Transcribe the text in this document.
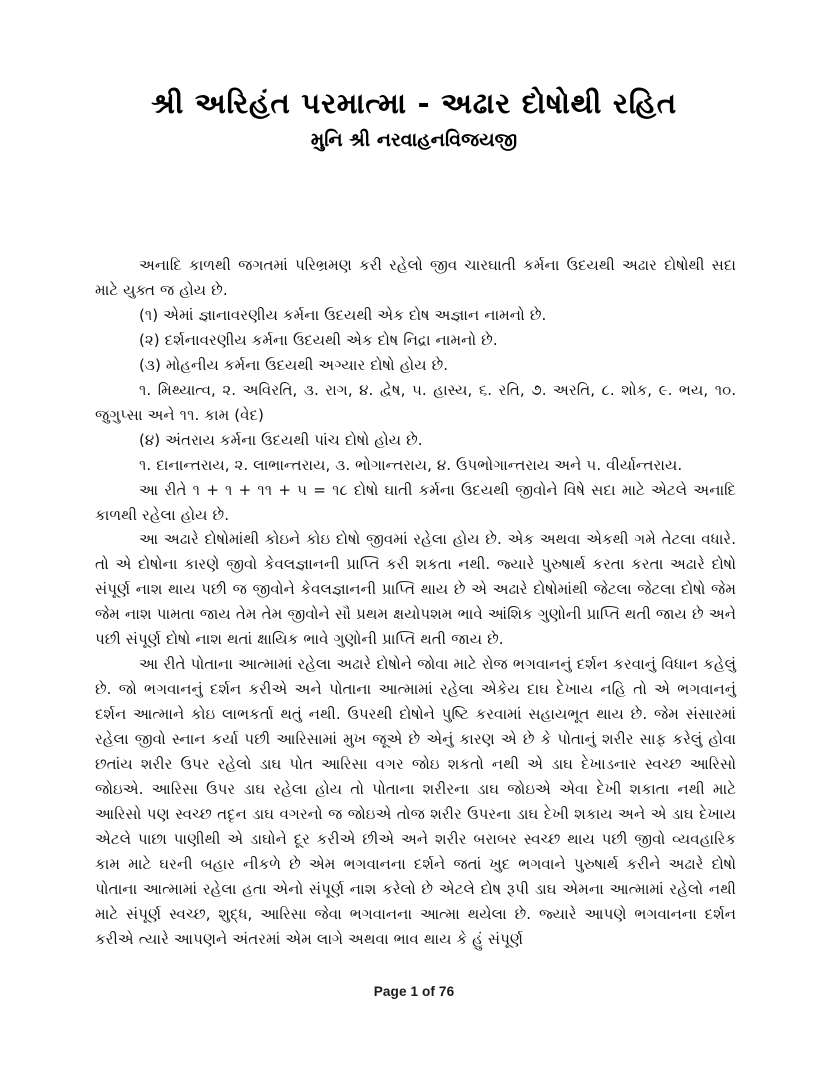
શ્રી અરિહંત પરમાત્મા - અઢાર દોષોથી રહિત
મુનિ શ્રી નરવાહનવિજયજી

અનાદિ કાળથી જગતમાં પરિભ્રમણ કરી રહેલો જીવ ચારઘાતી કર્મના ઉદયથી અઢાર દોષોથી સદા માટે યુક્ત જ હોય છે.

(૧) એમાં જ્ઞાનાવરણીય કર્મના ઉદયથી એક દોષ અજ્ઞાન નામનો છે.

(૨) દર્શનાવરણીય કર્મના ઉદયથી એક દોષ નિદ્રા નામનો છે.

(૩) મોહનીય કર્મના ઉદયથી અગ્યાર દોષો હોય છે.

૧. મિથ્યાત્વ, ૨. અવિરતિ, ૩. રાગ, ૪. દ્વેષ, ૫. હાસ્ય, ૬. રતિ, ૭. અરતિ, ૮. શોક, ૯. ભય, ૧૦. જુગુપ્સા અને ૧૧. કામ (વેદ)

(૪) અંતરાય કર્મના ઉદયથી પાંચ દોષો હોય છે.

૧. દાનાન્તરાય, ૨. લાભાન્તરાય, ૩. ભોગાન્તરાય, ૪. ઉપભોગાન્તરાય અને ૫. વીર્યાન્તરાય.

આ રીતે ૧ + ૧ + ૧૧ + ૫ = ૧૮ દોષો ઘાતી કર્મના ઉદયથી જીવોને વિષે સદા માટે એટલે અનાદિ કાળથી રહેલા હોય છે.

આ અઢારે દોષોમાંથી કોઇને કોઇ દોષો જીવમાં રહેલા હોય છે. એક અથવા એકથી ગમે તેટલા વધારે. તો એ દોષોના કારણે જીવો કેવલજ્ઞાનની પ્રાપ્તિ કરી શકતા નથી. જ્યારે પુરુષાર્થ કરતા કરતા અઢારે દોષો સંપૂર્ણ નાશ થાય પછી જ જીવોને કેવલજ્ઞાનની પ્રાપ્તિ થાય છે એ અઢારે દોષોમાંથી જેટલા જેટલા દોષો જેમ જેમ નાશ પામતા જાય તેમ તેમ જીવોને સૌ પ્રથમ ક્ષયોપશમ ભાવે આંશિક ગુણોની પ્રાપ્તિ થતી જાય છે અને પછી સંપૂર્ણ દોષો નાશ થતાં ક્ષાયિક ભાવે ગુણોની પ્રાપ્તિ થતી જાય છે.

આ રીતે પોતાના આત્મામાં રહેલા અઢારે દોષોને જોવા માટે રોજ ભગવાનનું દર્શન કરવાનું વિધાન કહેલું છે. જો ભગવાનનું દર્શન કરીએ અને પોતાના આત્મામાં રહેલા એકેય દાઘ દેખાય નહિ તો એ ભગવાનનું દર્શન આત્માને કોઇ લાભકર્તા થતું નથી. ઉપરથી દોષોને પુષ્ટિ કરવામાં સહાયભૂત થાય છે. જેમ સંસારમાં રહેલા જીવો સ્નાન કર્યા પછી આરિસામાં મુખ જૂએ છે એનું કારણ એ છે કે પોતાનું શરીર સાફ કરેલું હોવા છતાંય શરીર ઉપર રહેલો ડાઘ પોત આરિસા વગર જોઇ શકતો નથી એ ડાઘ દેખાડનાર સ્વચ્છ આરિસો જોઇએ. આરિસા ઉપર ડાઘ રહેલા હોય તો પોતાના શરીરના ડાઘ જોઇએ એવા દેખી શકાતા નથી માટે આરિસો પણ સ્વચ્છ તદૃન ડાઘ વગરનો જ જોઇએ તોજ શરીર ઉપરના ડાઘ દેખી શકાય અને એ ડાઘ દેખાય એટલે પાછા પાણીથી એ ડાઘોને દૂર કરીએ છીએ અને શરીર બરાબર સ્વચ્છ થાય પછી જીવો વ્યવહારિક કામ માટે ઘરની બહાર નીકળે છે એમ ભગવાનના દર્શને જતાં ખુદ ભગવાને પુરુષાર્થ કરીને અઢારે દોષો પોતાના આત્મામાં રહેલા હતા એનો સંપૂર્ણ નાશ કરેલો છે એટલે દોષ રૂપી ડાઘ એમના આત્મામાં રહેલો નથી માટે સંપૂર્ણ સ્વચ્છ, શુદ્ધ, આરિસા જેવા ભગવાનના આત્મા થયેલા છે. જ્યારે આપણે ભગવાનના દર્શન કરીએ ત્યારે આપણને અંતરમાં એમ લાગે અથવા ભાવ થાય કે હું સંપૂર્ણ

Page 1 of 76
